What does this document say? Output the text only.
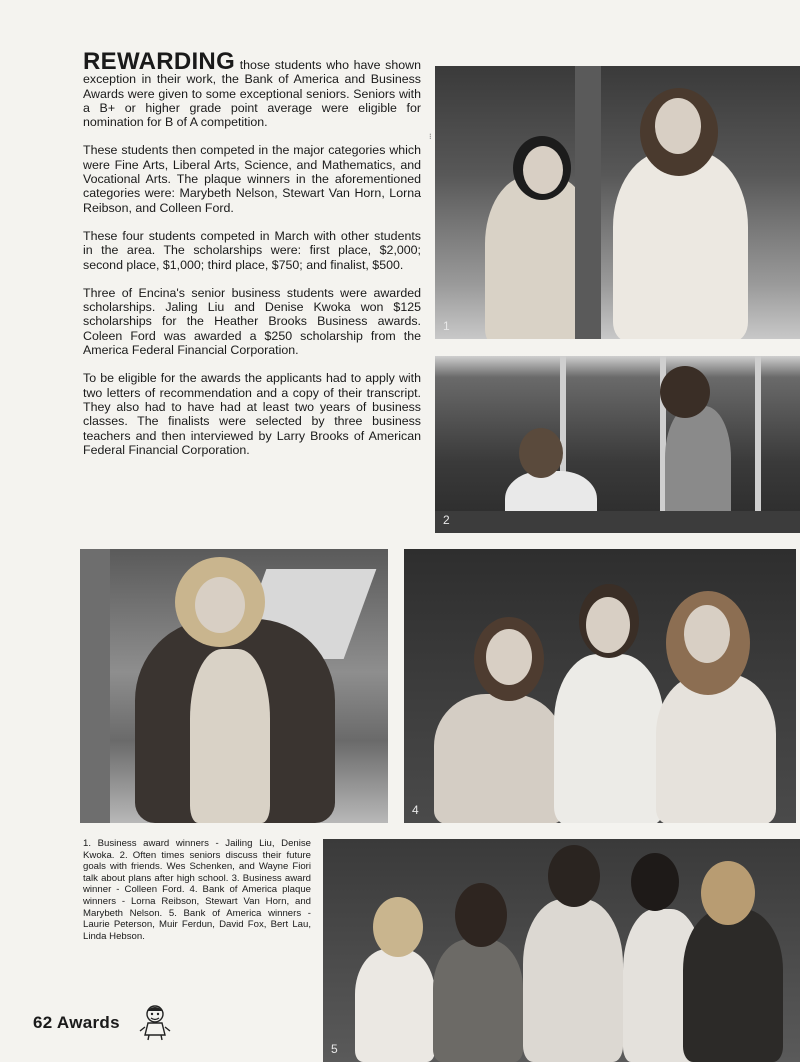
REWARDING those students who have shown exception in their work, the Bank of America and Business Awards were given to some exceptional seniors. Seniors with a B+ or higher grade point average were eligible for nomination for B of A competition.

These students then competed in the major categories which were Fine Arts, Liberal Arts, Science, and Mathematics, and Vocational Arts. The plaque winners in the aforementioned categories were: Marybeth Nelson, Stewart Van Horn, Lorna Reibson, and Colleen Ford.

These four students competed in March with other students in the area. The scholarships were: first place, $2,000; second place, $1,000; third place, $750; and finalist, $500.

Three of Encina's senior business students were awarded scholarships. Jaling Liu and Denise Kwoka won $125 scholarships for the Heather Brooks Business awards. Coleen Ford was awarded a $250 scholarship from the America Federal Financial Corporation.

To be eligible for the awards the applicants had to apply with two letters of recommendation and a copy of their transcript. They also had to have had at least two years of business classes. The finalists were selected by three business teachers and then interviewed by Larry Brooks of American Federal Financial Corporation.

⁝
1
2
4
5
1. Business award winners - Jailing Liu, Denise Kwoka. 2. Often times seniors discuss their future goals with friends. Wes Schenken, and Wayne Fiori talk about plans after high school. 3. Business award winner - Colleen Ford. 4. Bank of America plaque winners - Lorna Reibson, Stewart Van Horn, and Marybeth Nelson. 5. Bank of America winners - Laurie Peterson, Muir Ferdun, David Fox, Bert Lau, Linda Hebson.
62 Awards
